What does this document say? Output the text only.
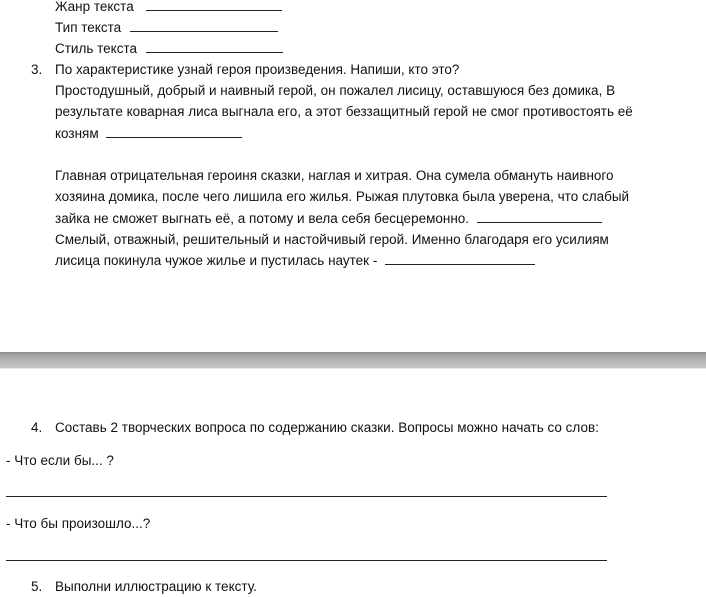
Жанр текста
Тип текста
Стиль текста
3. По характеристике узнай героя произведения. Напиши, кто это?
Простодушный, добрый и наивный герой, он пожалел лисицу, оставшуюся без домика, В
результате коварная лиса выгнала его, а этот беззащитный герой не смог противостоять её
козням
Главная отрицательная героиня сказки, наглая и хитрая. Она сумела обмануть наивного
хозяина домика, после чего лишила его жилья. Рыжая плутовка была уверена, что слабый
зайка не сможет выгнать её, а потому и вела себя бесцеремонно.
Смелый, отважный, решительный и настойчивый герой. Именно благодаря его усилиям
лисица покинула чужое жилье и пустилась наутек -
4. Составь 2 творческих вопроса по содержанию сказки. Вопросы можно начать со слов:
- Что если бы... ?
- Что бы произошло...?
5. Выполни иллюстрацию к тексту.
